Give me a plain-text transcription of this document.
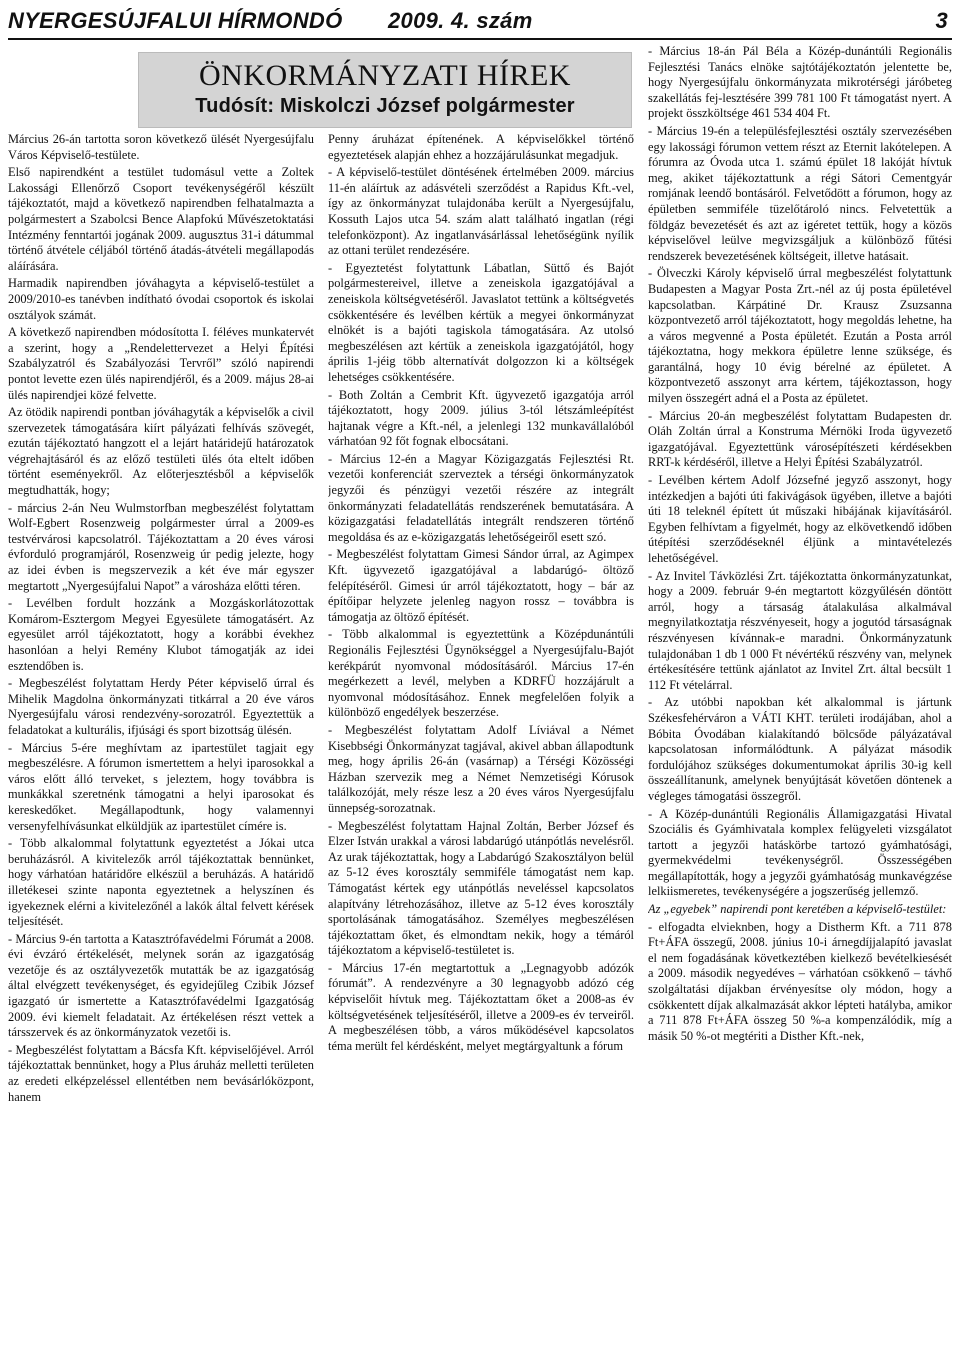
NYERGESÚJFALUI HÍRMONDÓ 2009. 4. szám	3
ÖNKORMÁNYZATI HÍREK
Tudósít: Miskolczi József polgármester

Március 26-án tartotta soron következő ülését Nyergesújfalu Város Képviselő-testülete.

Első napirendként a testület tudomásul vette a Zoltek Lakossági Ellenőrző Csoport tevékenységéről készült tájékoztatót, majd a következő napirendben felhatalmazta a polgármestert a Szabolcsi Bence Alapfokú Művészetoktatási Intézmény fenntartói jogának 2009. augusztus 31-i dátummal történő átvétele céljából történő átadás-átvételi megállapodás aláírására.

Harmadik napirendben jóváhagyta a képviselő-testület a 2009/2010-es tanévben indítható óvodai csoportok és iskolai osztályok számát.

A következő napirendben módosította I. féléves munkatervét a szerint, hogy a „Rendelettervezet a Helyi Építési Szabályzatról és Szabályozási Tervről” szóló napirendi pontot levette ezen ülés napirendjéről, és a 2009. május 28-ai ülés napirendjei közé felvette.

Az ötödik napirendi pontban jóváhagyták a képviselők a civil szervezetek támogatására kiírt pályázati felhívás szövegét, ezután tájékoztató hangzott el a lejárt határidejű határozatok végrehajtásáról és az előző testületi ülés óta eltelt időben történt eseményekről. Az előterjesztésből a képviselők megtudhatták, hogy;

- március 2-án Neu Wulmstorfban megbeszélést folytattam Wolf-Egbert Rosenzweig polgármester úrral a 2009-es testvérvárosi kapcsolatról. Tájékoztattam a 20 éves városi évforduló programjáról, Rosenzweig úr pedig jelezte, hogy az idei évben is megszervezik a két éve már egyszer megtartott „Nyergesújfalui Napot” a városháza előtti téren.

- Levélben fordult hozzánk a Mozgáskorlátozottak Komárom-Esztergom Megyei Egyesülete támogatásért. Az egyesület arról tájékoztatott, hogy a korábbi évekhez hasonlóan a helyi Remény Klubot támogatják az idei esztendőben is.

- Megbeszélést folytattam Herdy Péter képviselő úrral és Mihelik Magdolna önkormányzati titkárral a 20 éve város Nyergesújfalu városi rendezvény-sorozatról. Egyeztettük a feladatokat a kulturális, ifjúsági és sport bizottság ülésén.

- Március 5-ére meghívtam az ipartestület tagjait egy megbeszélésre. A fórumon ismertettem a helyi iparosokkal a város előtt álló terveket, s jeleztem, hogy továbbra is munkákkal szeretnénk támogatni a helyi iparosokat és kereskedőket. Megállapodtunk, hogy valamennyi versenyfelhívásunkat elküldjük az ipartestület címére is.

- Több alkalommal folytattunk egyeztetést a Jókai utca beruházásról. A kivitelezők arról tájékoztattak bennünket, hogy várhatóan határidőre elkészül a beruházás. A határidő illetékesei szinte naponta egyeztetnek a helyszínen és igyekeznek elérni a kivitelezőnél a lakók által felvett kérések teljesítését.

- Március 9-én tartotta a Katasztrófavédelmi Fórumát a 2008. évi évzáró értékelését, melynek során az igazgatóság vezetője és az osztályvezetők mutatták be az igazgatóság által elvégzett tevékenységet, és egyidejűleg Czibik József igazgató úr ismertette a Katasztrófavédelmi Igazgatóság 2009. évi kiemelt feladatait. Az értékelésen részt vettek a társszervek és az önkormányzatok vezetői is.

- Megbeszélést folytattam a Bácsfa Kft. képviselőjével. Arról tájékoztattak bennünket, hogy a Plus áruház melletti területen az eredeti elképzeléssel ellentétben nem bevásárlóközpont, hanem

Penny áruházat építenének. A képviselőkkel történő egyeztetések alapján ehhez a hozzájárulásunkat megadjuk.

- A képviselő-testület döntésének értelmében 2009. március 11-én aláírtuk az adásvételi szerződést a Rapidus Kft.-vel, így az önkormányzat tulajdonába került a Nyergesújfalu, Kossuth Lajos utca 54. szám alatt található ingatlan (régi telefonközpont). Az ingatlanvásárlással lehetőségünk nyílik az ottani terület rendezésére.

- Egyeztetést folytattunk Lábatlan, Süttő és Bajót polgármestereivel, illetve a zeneiskola igazgatójával a zeneiskola költségvetéséről. Javaslatot tettünk a költségvetés csökkentésére és levélben kértük a megyei önkormányzat elnökét is a bajóti tagiskola támogatására. Az utolsó megbeszélésen azt kértük a zeneiskola igazgatójától, hogy április 1-jéig több alternatívát dolgozzon ki a költségek lehetséges csökkentésére.

- Both Zoltán a Cembrit Kft. ügyvezető igazgatója arról tájékoztatott, hogy 2009. július 3-tól létszámleépítést hajtanak végre a Kft.-nél, a jelenlegi 132 munkavállalóból várhatóan 92 főt fognak elbocsátani.

- Március 12-én a Magyar Közigazgatás Fejlesztési Rt. vezetői konferenciát szerveztek a térségi önkormányzatok jegyzői és pénzügyi vezetői részére az integrált önkormányzati feladatellátás rendszerének bemutatására. A közigazgatási feladatellátás integrált rendszeren történő megoldása és az e-közigazgatás lehetőségeiről esett szó.

- Megbeszélést folytattam Gimesi Sándor úrral, az Agimpex Kft. ügyvezető igazgatójával a labdarúgó- öltöző felépítéséről. Gimesi úr arról tájékoztatott, hogy – bár az építőipar helyzete jelenleg nagyon rossz – továbbra is támogatja az öltöző építését.

- Több alkalommal is egyeztettünk a Középdunántúli Regionális Fejlesztési Ügynökséggel a Nyergesújfalu-Bajót kerékpárút nyomvonal módosításáról. Március 17-én megérkezett a levél, melyben a KDRFÜ hozzájárult a nyomvonal módosításához. Ennek megfelelően folyik a különböző engedélyek beszerzése.

- Megbeszélést folytattam Adolf Líviával a Német Kisebbségi Önkormányzat tagjával, akivel abban állapodtunk meg, hogy április 26-án (vasárnap) a Térségi Közösségi Házban szervezik meg a Német Nemzetiségi Kórusok találkozóját, mely része lesz a 20 éves város Nyergesújfalu ünnepség-sorozatnak.

- Megbeszélést folytattam Hajnal Zoltán, Berber József és Elzer István urakkal a városi labdarúgó utánpótlás nevelésről. Az urak tájékoztattak, hogy a Labdarúgó Szakosztályon belül az 5-12 éves korosztály semmiféle támogatást nem kap. Támogatást kértek egy utánpótlás neveléssel kapcsolatos alapítvány létrehozásához, illetve az 5-12 éves korosztály sportolásának támogatásához. Személyes megbeszélésen tájékoztattam őket, és elmondtam nekik, hogy a témáról tájékoztatom a képviselő-testületet is.

- Március 17-én megtartottuk a „Legnagyobb adózók fórumát”. A rendezvényre a 30 legnagyobb adózó cég képviselőit hívtuk meg. Tájékoztattam őket a 2008-as év költségvetésének teljesítéséről, illetve a 2009-es év terveiről. A megbeszélésen több, a város működésével kapcsolatos téma merült fel kérdésként, melyet megtárgyaltunk a fórum

- Március 18-án Pál Béla a Közép-dunántúli Regionális Fejlesztési Tanács elnöke sajtótájékoztatón jelentette be, hogy Nyergesújfalu önkormányzata mikrotérségi járóbeteg szakellátás fej-lesztésére 399 781 100 Ft támogatást nyert. A projekt összköltsége 461 534 404 Ft.

- Március 19-én a településfejlesztési osztály szervezésében egy lakossági fórumon vettem részt az Eternit lakótelepen. A fórumra az Óvoda utca 1. számú épület 18 lakóját hívtuk meg, akiket tájékoztattunk a régi Sátori Cementgyár romjának leendő bontásáról. Felvetődött a fórumon, hogy az épületben semmiféle tüzelőtároló nincs. Felvetettük a földgáz bevezetését és azt az igéretet tettük, hogy a közös képviselővel leülve megvizsgáljuk a különböző fűtési rendszerek bevezetésének költségeit, illetve hatásait.

- Ölveczki Károly képviselő úrral megbeszélést folytattunk Budapesten a Magyar Posta Zrt.-nél az új posta épületével kapcsolatban. Kárpátiné Dr. Krausz Zsuzsanna központvezető arról tájékoztatott, hogy megoldás lehetne, ha a város megvenné a Posta épületét. Ezután a Posta arról tájékoztatna, hogy mekkora épületre lenne szüksége, és garantálná, hogy 10 évig bérelné az épületet. A központvezető asszonyt arra kértem, tájékoztasson, hogy milyen összegért adná el a Posta az épületet.

- Március 20-án megbeszélést folytattam Budapesten dr. Oláh Zoltán úrral a Konstruma Mérnöki Iroda ügyvezető igazgatójával. Egyeztettünk városépítészeti kérdésekben RRT-k kérdéséről, illetve a Helyi Építési Szabályzatról.

- Levélben kértem Adolf Józsefné jegyző asszonyt, hogy intézkedjen a bajóti úti fakivágások ügyében, illetve a bajóti úti 18 teleknél épített út műszaki hibájának kijavításáról. Egyben felhívtam a figyelmét, hogy az elkövetkendő időben útépítési szerződéseknél éljünk a mintavételezés lehetőségével.

- Az Invitel Távközlési Zrt. tájékoztatta önkormányzatunkat, hogy a 2009. február 9-én megtartott közgyűlésén döntött arról, hogy a társaság átalakulása alkalmával megnyilatkoztatja részvényeseit, hogy a jogutód társaságnak részvényesen kívánnak-e maradni. Önkormányzatunk tulajdonában 1 db 1 000 Ft névértékű részvény van, melynek értékesítésére tettünk ajánlatot az Invitel Zrt. által becsült 1 112 Ft vételárral.

- Az utóbbi napokban két alkalommal is jártunk Székesfehérváron a VÁTI KHT. területi irodájában, ahol a Bóbita Óvodában kialakítandó bölcsőde pályázatával kapcsolatosan informálódtunk. A pályázat második fordulójához szükséges dokumentumokat április 30-ig kell összeállítanunk, amelynek benyújtását követően döntenek a végleges támogatási összegről.

- A Közép-dunántúli Regionális Államigazgatási Hivatal Szociális és Gyámhivatala komplex felügyeleti vizsgálatot tartott a jegyzői hatáskörbe tartozó gyámhatósági, gyermekvédelmi tevékenységről. Összességében megállapították, hogy a jegyzői gyámhatóság munkavégzése lelkiismeretes, tevékenységére a jogszerűség jellemző.

Az „egyebek” napirendi pont keretében a képviselő-testület:

- elfogadta elvieknben, hogy a Distherm Kft. a 711 878 Ft+ÁFA összegű, 2008. június 10-i árnegdíjjalapító javaslat el nem fogadásának következtében kielkező bevételkiesését a 2009. második negyedéves – várhatóan csökkenő – távhő szolgáltatási díjakban érvényesítse oly módon, hogy a csökkentett díjak alkalmazását akkor lépteti hatályba, amikor a 711 878 Ft+ÁFA összeg 50 %-a kompenzálódik, míg a másik 50 %-ot megtériti a Disther Kft.-nek,
